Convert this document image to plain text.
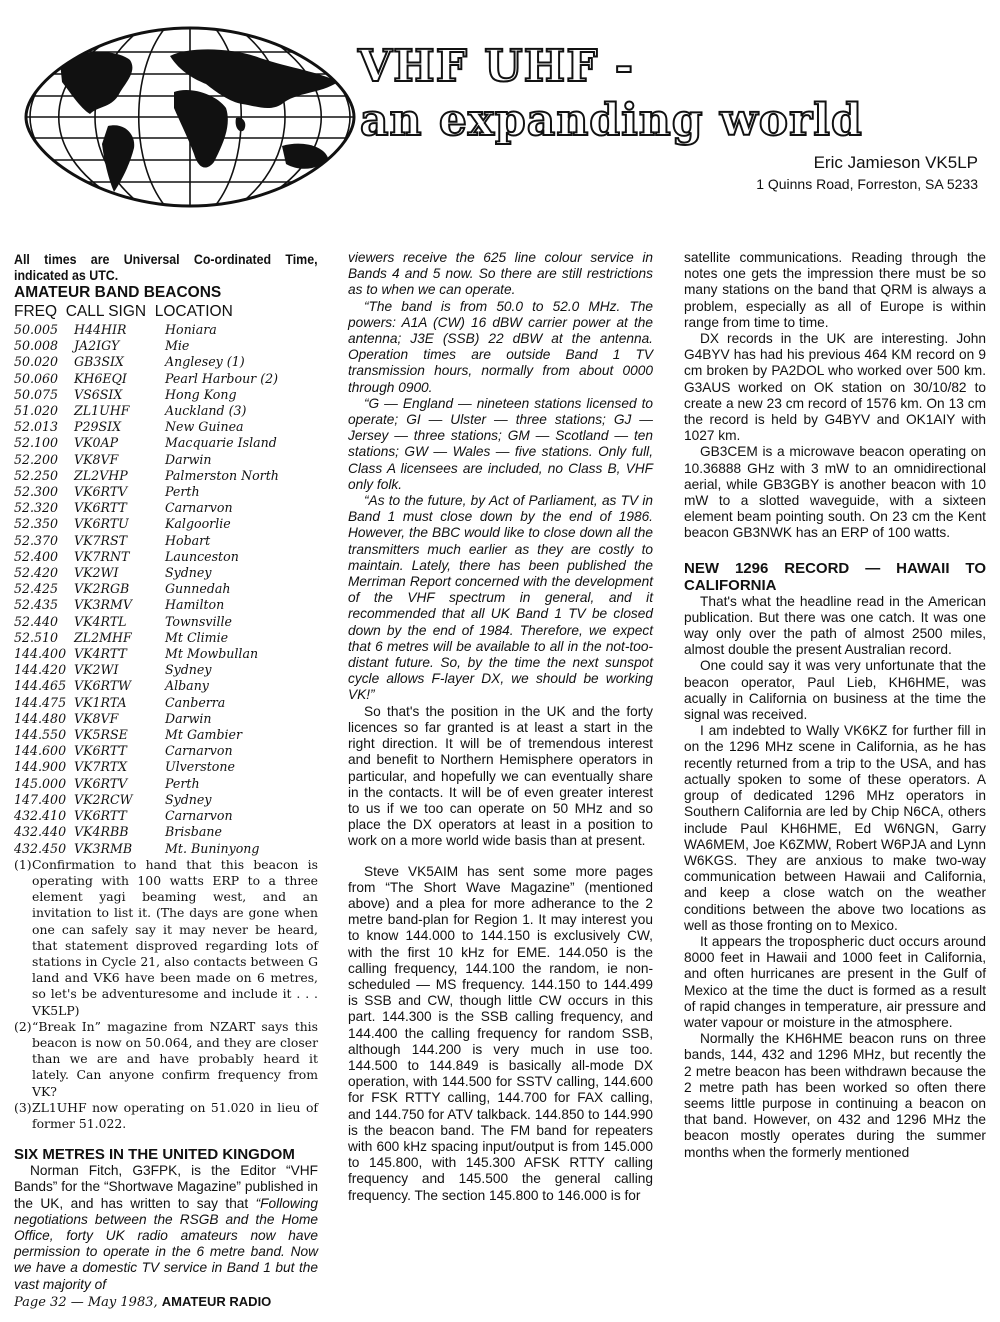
VHF UHF -
an expanding world
Eric Jamieson VK5LP
1 Quinns Road, Forreston, SA 5233

All times are Universal Co-ordinated Time, indicated as UTC.

AMATEUR BAND BEACONS

FREQ CALL SIGN LOCATION
50.005	H44HIR	Honiara
50.008	JA2IGY	Mie
50.020	GB3SIX	Anglesey (1)
50.060	KH6EQI	Pearl Harbour (2)
50.075	VS6SIX	Hong Kong
51.020	ZL1UHF	Auckland (3)
52.013	P29SIX	New Guinea
52.100	VK0AP	Macquarie Island
52.200	VK8VF	Darwin
52.250	ZL2VHP	Palmerston North
52.300	VK6RTV	Perth
52.320	VK6RTT	Carnarvon
52.350	VK6RTU	Kalgoorlie
52.370	VK7RST	Hobart
52.400	VK7RNT	Launceston
52.420	VK2WI	Sydney
52.425	VK2RGB	Gunnedah
52.435	VK3RMV	Hamilton
52.440	VK4RTL	Townsville
52.510	ZL2MHF	Mt Climie
144.400 VK4RTT	Mt Mowbullan
144.420 VK2WI	Sydney
144.465 VK6RTW	Albany
144.475 VK1RTA	Canberra
144.480 VK8VF	Darwin
144.550 VK5RSE	Mt Gambier
144.600 VK6RTT	Carnarvon
144.900 VK7RTX	Ulverstone
145.000 VK6RTV	Perth
147.400 VK2RCW	Sydney
432.410 VK6RTT	Carnarvon
432.440 VK4RBB	Brisbane
432.450 VK3RMB	Mt. Buninyong
(1) Confirmation to hand that this beacon is operating with 100 watts ERP to a three element yagi beaming west, and an invitation to list it. (The days are gone when one can safely say it may never be heard, that statement disproved regarding lots of stations in Cycle 21, also contacts between G land and VK6 have been made on 6 metres, so let's be adventuresome and include it . . . VK5LP)
(2) “Break In” magazine from NZART says this beacon is now on 50.064, and they are closer than we are and have probably heard it lately. Can anyone confirm frequency from VK?
(3) ZL1UHF now operating on 51.020 in lieu of former 51.022.

SIX METRES IN THE UNITED KINGDOM

Norman Fitch, G3FPK, is the Editor “VHF Bands” for the “Shortwave Magazine” published in the UK, and has written to say that “Following negotiations between the RSGB and the Home Office, forty UK radio amateurs now have permission to operate in the 6 metre band. Now we have a domestic TV service in Band 1 but the vast majority of

viewers receive the 625 line colour service in Bands 4 and 5 now. So there are still restrictions as to when we can operate.

“The band is from 50.0 to 52.0 MHz. The powers: A1A (CW) 16 dBW carrier power at the antenna; J3E (SSB) 22 dBW at the antenna. Operation times are outside Band 1 TV transmission hours, normally from about 0000 through 0900.

“G — England — nineteen stations licensed to operate; GI — Ulster — three stations; GJ — Jersey — three stations; GM — Scotland — ten stations; GW — Wales — five stations. Only full, Class A licensees are included, no Class B, VHF only folk.

“As to the future, by Act of Parliament, as TV in Band 1 must close down by the end of 1986. However, the BBC would like to close down all the transmitters much earlier as they are costly to maintain. Lately, there has been published the Merriman Report concerned with the development of the VHF spectrum in general, and it recommended that all UK Band 1 TV be closed down by the end of 1984. Therefore, we expect that 6 metres will be available to all in the not-too-distant future. So, by the time the next sunspot cycle allows F-layer DX, we should be working VK!”

So that's the position in the UK and the forty licences so far granted is at least a start in the right direction. It will be of tremendous interest and benefit to Northern Hemisphere operators in particular, and hopefully we can eventually share in the contacts. It will be of even greater interest to us if we too can operate on 50 MHz and so place the DX operators at least in a position to work on a more world wide basis than at present.

Steve VK5AIM has sent some more pages from “The Short Wave Magazine” (mentioned above) and a plea for more adherance to the 2 metre band-plan for Region 1. It may interest you to know 144.000 to 144.150 is exclusively CW, with the first 10 kHz for EME. 144.050 is the calling frequency, 144.100 the random, ie non-scheduled — MS frequency. 144.150 to 144.499 is SSB and CW, though little CW occurs in this part. 144.300 is the SSB calling frequency, and 144.400 the calling frequency for random SSB, although 144.200 is very much in use too. 144.500 to 144.849 is basically all-mode DX operation, with 144.500 for SSTV calling, 144.600 for FSK RTTY calling, 144.700 for FAX calling, and 144.750 for ATV talkback. 144.850 to 144.990 is the beacon band. The FM band for repeaters with 600 kHz spacing input/output is from 145.000 to 145.800, with 145.300 AFSK RTTY calling frequency and 145.500 the general calling frequency. The section 145.800 to 146.000 is for

satellite communications. Reading through the notes one gets the impression there must be so many stations on the band that QRM is always a problem, especially as all of Europe is within range from time to time.

DX records in the UK are interesting. John G4BYV has had his previous 464 KM record on 9 cm broken by PA2DOL who worked over 500 km. G3AUS worked on OK station on 30/10/82 to create a new 23 cm record of 1576 km. On 13 cm the record is held by G4BYV and OK1AIY with 1027 km.

GB3CEM is a microwave beacon operating on 10.36888 GHz with 3 mW to an omnidirectional aerial, while GB3GBY is another beacon with 10 mW to a slotted waveguide, with a sixteen element beam pointing south. On 23 cm the Kent beacon GB3NWK has an ERP of 100 watts.

NEW 1296 RECORD — HAWAII TO CALIFORNIA

That's what the headline read in the American publication. But there was one catch. It was one way only over the path of almost 2500 miles, almost double the present Australian record.

One could say it was very unfortunate that the beacon operator, Paul Lieb, KH6HME, was acually in California on business at the time the signal was received.

I am indebted to Wally VK6KZ for further fill in on the 1296 MHz scene in California, as he has recently returned from a trip to the USA, and has actually spoken to some of these operators. A group of dedicated 1296 MHz operators in Southern California are led by Chip N6CA, others include Paul KH6HME, Ed W6NGN, Garry WA6MEM, Joe K6ZMW, Robert W6PJA and Lynn W6KGS. They are anxious to make two-way communication between Hawaii and California, and keep a close watch on the weather conditions between the above two locations as well as those fronting on to Mexico.

It appears the tropospheric duct occurs around 8000 feet in Hawaii and 1000 feet in California, and often hurricanes are present in the Gulf of Mexico at the time the duct is formed as a result of rapid changes in temperature, air pressure and water vapour or moisture in the atmosphere.

Normally the KH6HME beacon runs on three bands, 144, 432 and 1296 MHz, but recently the 2 metre beacon has been withdrawn because the 2 metre path has been worked so often there seems little purpose in continuing a beacon on that band. However, on 432 and 1296 MHz the beacon mostly operates during the summer months when the formerly mentioned

Page 32 — May 1983, AMATEUR RADIO
